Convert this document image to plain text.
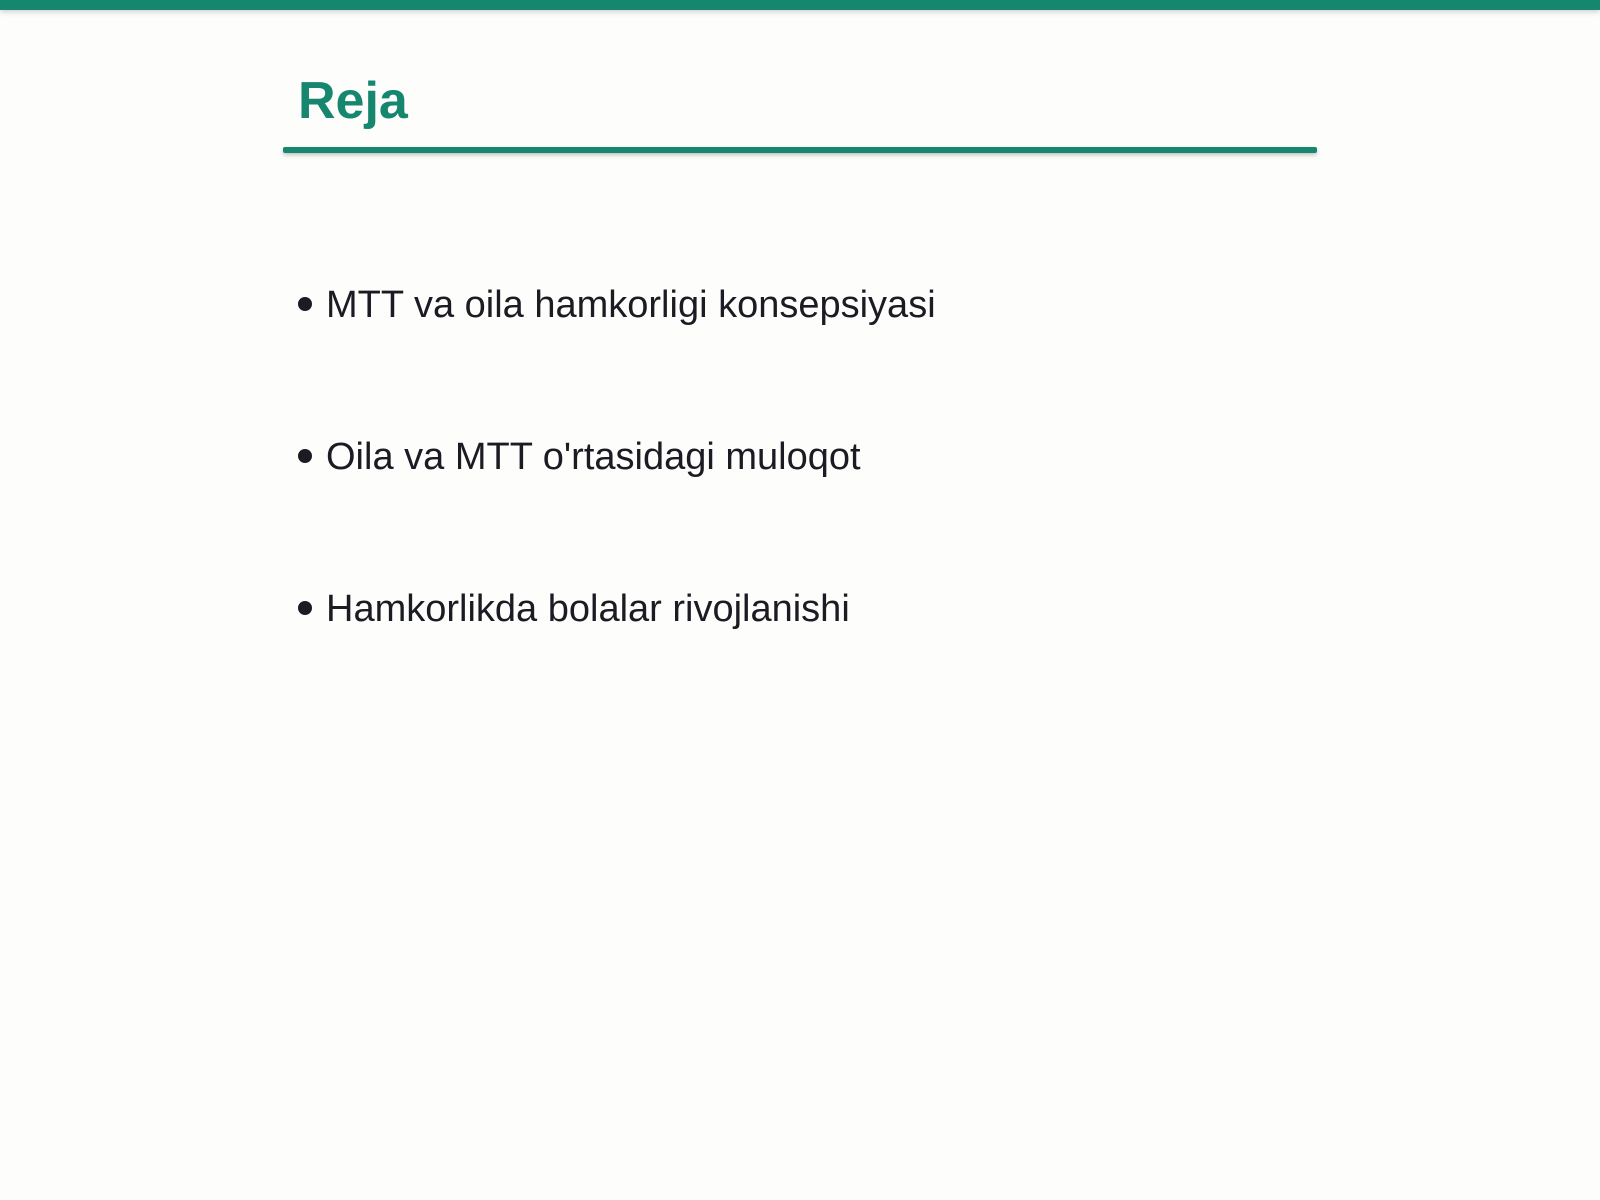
Reja
MTT va oila hamkorligi konsepsiyasi
Oila va MTT o'rtasidagi muloqot
Hamkorlikda bolalar rivojlanishi
